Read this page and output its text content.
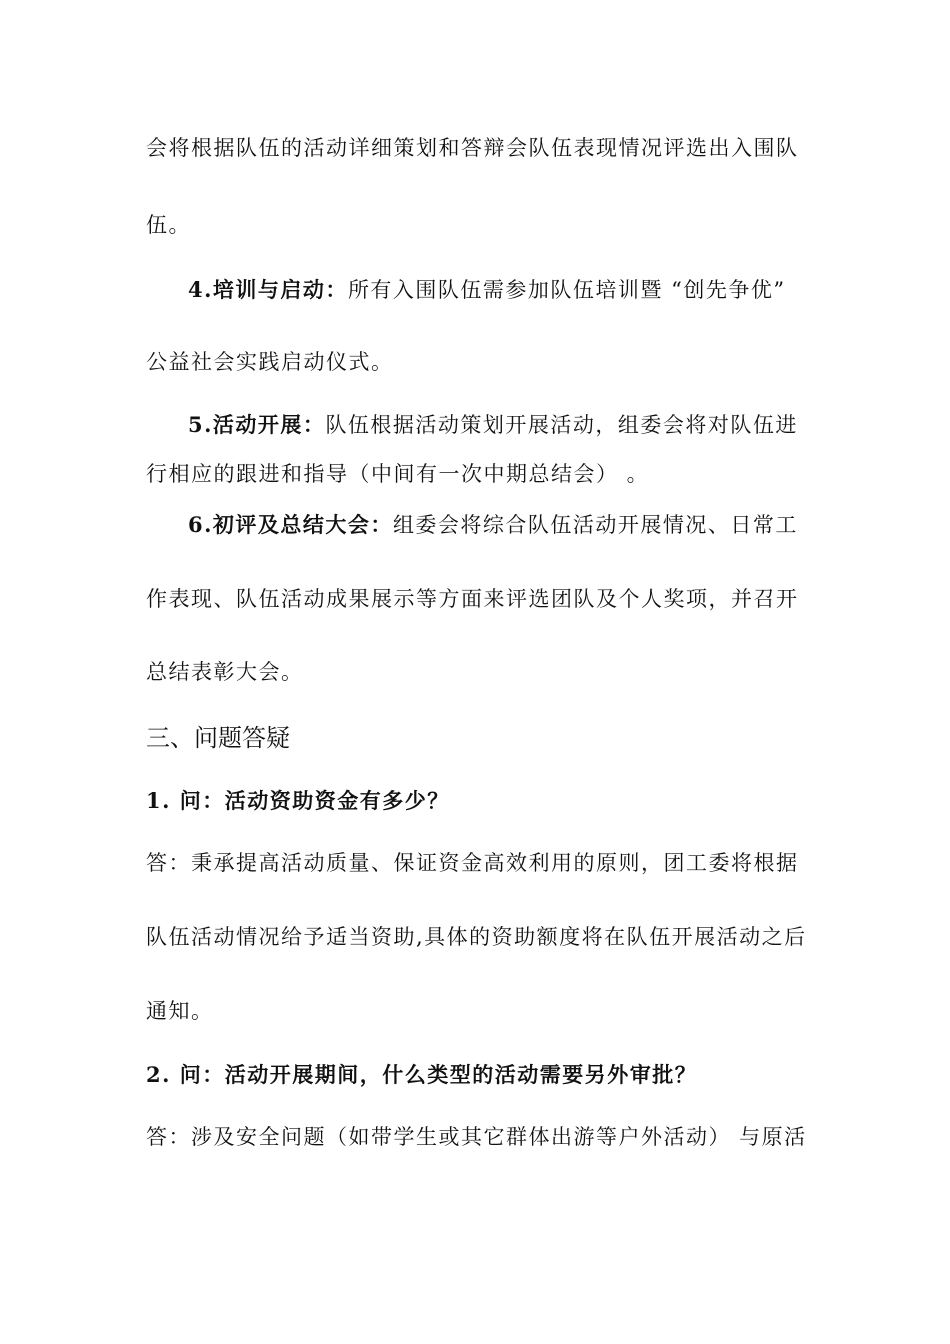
会将根据队伍的活动详细策划和答辩会队伍表现情况评选出入围队
伍。
4.培训与启动：所有入围队伍需参加队伍培训暨 “创先争优”
公益社会实践启动仪式。
5.活动开展：队伍根据活动策划开展活动，组委会将对队伍进
行相应的跟进和指导（中间有一次中期总结会） 。
6.初评及总结大会：组委会将综合队伍活动开展情况、日常工
作表现、队伍活动成果展示等方面来评选团队及个人奖项，并召开
总结表彰大会。
三、问题答疑
1. 问：活动资助资金有多少？
答：秉承提高活动质量、保证资金高效利用的原则，团工委将根据
队伍活动情况给予适当资助,具体的资助额度将在队伍开展活动之后
通知。
2. 问：活动开展期间，什么类型的活动需要另外审批？
答：涉及安全问题（如带学生或其它群体出游等户外活动） 与原活
